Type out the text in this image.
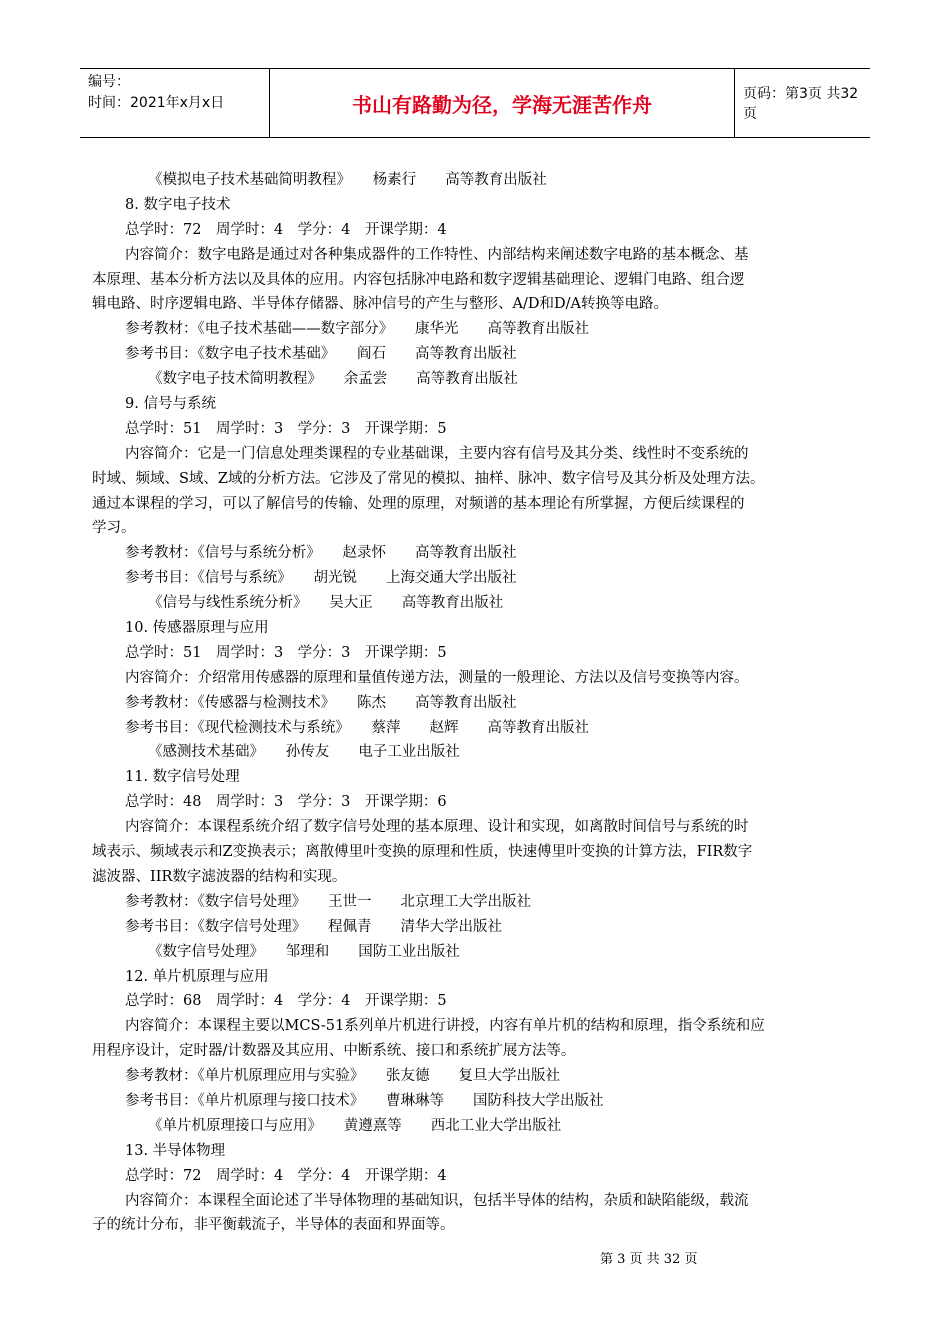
编号：
时间：2021年x月x日	书山有路勤为径，学海无涯苦作舟	页码：第3页 共32页
《模拟电子技术基础简明教程》　　杨素行　　高等教育出版社
8. 数字电子技术
总学时：72　周学时：4　学分：4　开课学期：4
内容简介：数字电路是通过对各种集成器件的工作特性、内部结构来阐述数字电路的基本概念、基
本原理、基本分析方法以及具体的应用。内容包括脉冲电路和数字逻辑基础理论、逻辑门电路、组合逻
辑电路、时序逻辑电路、半导体存储器、脉冲信号的产生与整形、A/D和D/A转换等电路。
参考教材：《电子技术基础——数字部分》　　康华光　　高等教育出版社
参考书目：《数字电子技术基础》　　阎石　　高等教育出版社
《数字电子技术简明教程》　　余孟尝　　高等教育出版社
9. 信号与系统
总学时：51　周学时：3　学分：3　开课学期：5
内容简介：它是一门信息处理类课程的专业基础课，主要内容有信号及其分类、线性时不变系统的
时域、频域、S域、Z域的分析方法。它涉及了常见的模拟、抽样、脉冲、数字信号及其分析及处理方法。
通过本课程的学习，可以了解信号的传输、处理的原理，对频谱的基本理论有所掌握，方便后续课程的
学习。
参考教材：《信号与系统分析》　　赵录怀　　高等教育出版社
参考书目：《信号与系统》　　胡光锐　　上海交通大学出版社
《信号与线性系统分析》　　吴大正　　高等教育出版社
10. 传感器原理与应用
总学时：51　周学时：3　学分：3　开课学期：5
内容简介：介绍常用传感器的原理和量值传递方法，测量的一般理论、方法以及信号变换等内容。
参考教材：《传感器与检测技术》　　陈杰　　高等教育出版社
参考书目：《现代检测技术与系统》　　蔡萍　　赵辉　　高等教育出版社
《感测技术基础》　　孙传友　　电子工业出版社
11. 数字信号处理
总学时：48　周学时：3　学分：3　开课学期：6
内容简介：本课程系统介绍了数字信号处理的基本原理、设计和实现，如离散时间信号与系统的时
域表示、频域表示和Z变换表示；离散傅里叶变换的原理和性质，快速傅里叶变换的计算方法，FIR数字
滤波器、IIR数字滤波器的结构和实现。
参考教材：《数字信号处理》　　王世一　　北京理工大学出版社
参考书目：《数字信号处理》　　程佩青　　清华大学出版社
《数字信号处理》　　邹理和　　国防工业出版社
12. 单片机原理与应用
总学时：68　周学时：4　学分：4　开课学期：5
内容简介：本课程主要以MCS-51系列单片机进行讲授，内容有单片机的结构和原理，指令系统和应
用程序设计，定时器/计数器及其应用、中断系统、接口和系统扩展方法等。
参考教材：《单片机原理应用与实验》　　张友德　　复旦大学出版社
参考书目：《单片机原理与接口技术》　　曹琳琳等　　国防科技大学出版社
《单片机原理接口与应用》　　黄遵熹等　　西北工业大学出版社
13. 半导体物理
总学时：72　周学时：4　学分：4　开课学期：4
内容简介：本课程全面论述了半导体物理的基础知识，包括半导体的结构，杂质和缺陷能级，载流
子的统计分布，非平衡载流子，半导体的表面和界面等。
第 3 页 共 32 页
